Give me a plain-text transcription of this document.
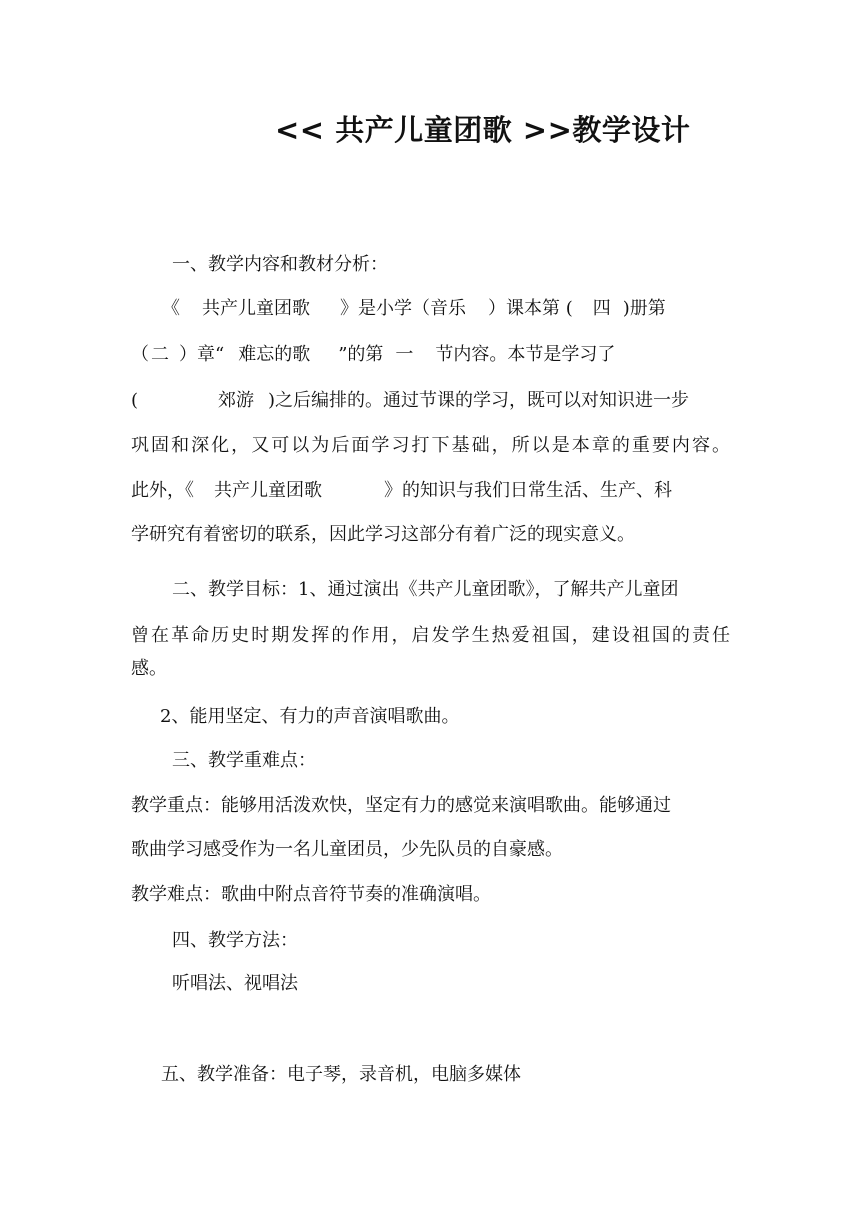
<< 共产儿童团歌 >>教学设计
一、教学内容和教材分析：
《 共产儿童团歌 》是小学（音乐 ）课本第 ( 四 )册第
（ 二 ）章“ 难忘的歌 ”的第 一 节内容。本节是学习了
(	郊游 )之后编排的。通过节课的学习，既可以对知识进一步
巩固和深化，又可以为后面学习打下基础，所以是本章的重要内容。
此外，《 共产儿童团歌	》的知识与我们日常生活、生产、科
学研究有着密切的联系，因此学习这部分有着广泛的现实意义。
二、教学目标：1、通过演出《共产儿童团歌》，了解共产儿童团
曾在革命历史时期发挥的作用，启发学生热爱祖国，建设祖国的责任
感。
2、能用坚定、有力的声音演唱歌曲。
三、教学重难点：
教学重点：能够用活泼欢快，坚定有力的感觉来演唱歌曲。能够通过
歌曲学习感受作为一名儿童团员，少先队员的自豪感。
教学难点：歌曲中附点音符节奏的准确演唱。
四、教学方法：
听唱法、视唱法
五、教学准备：电子琴，录音机，电脑多媒体
